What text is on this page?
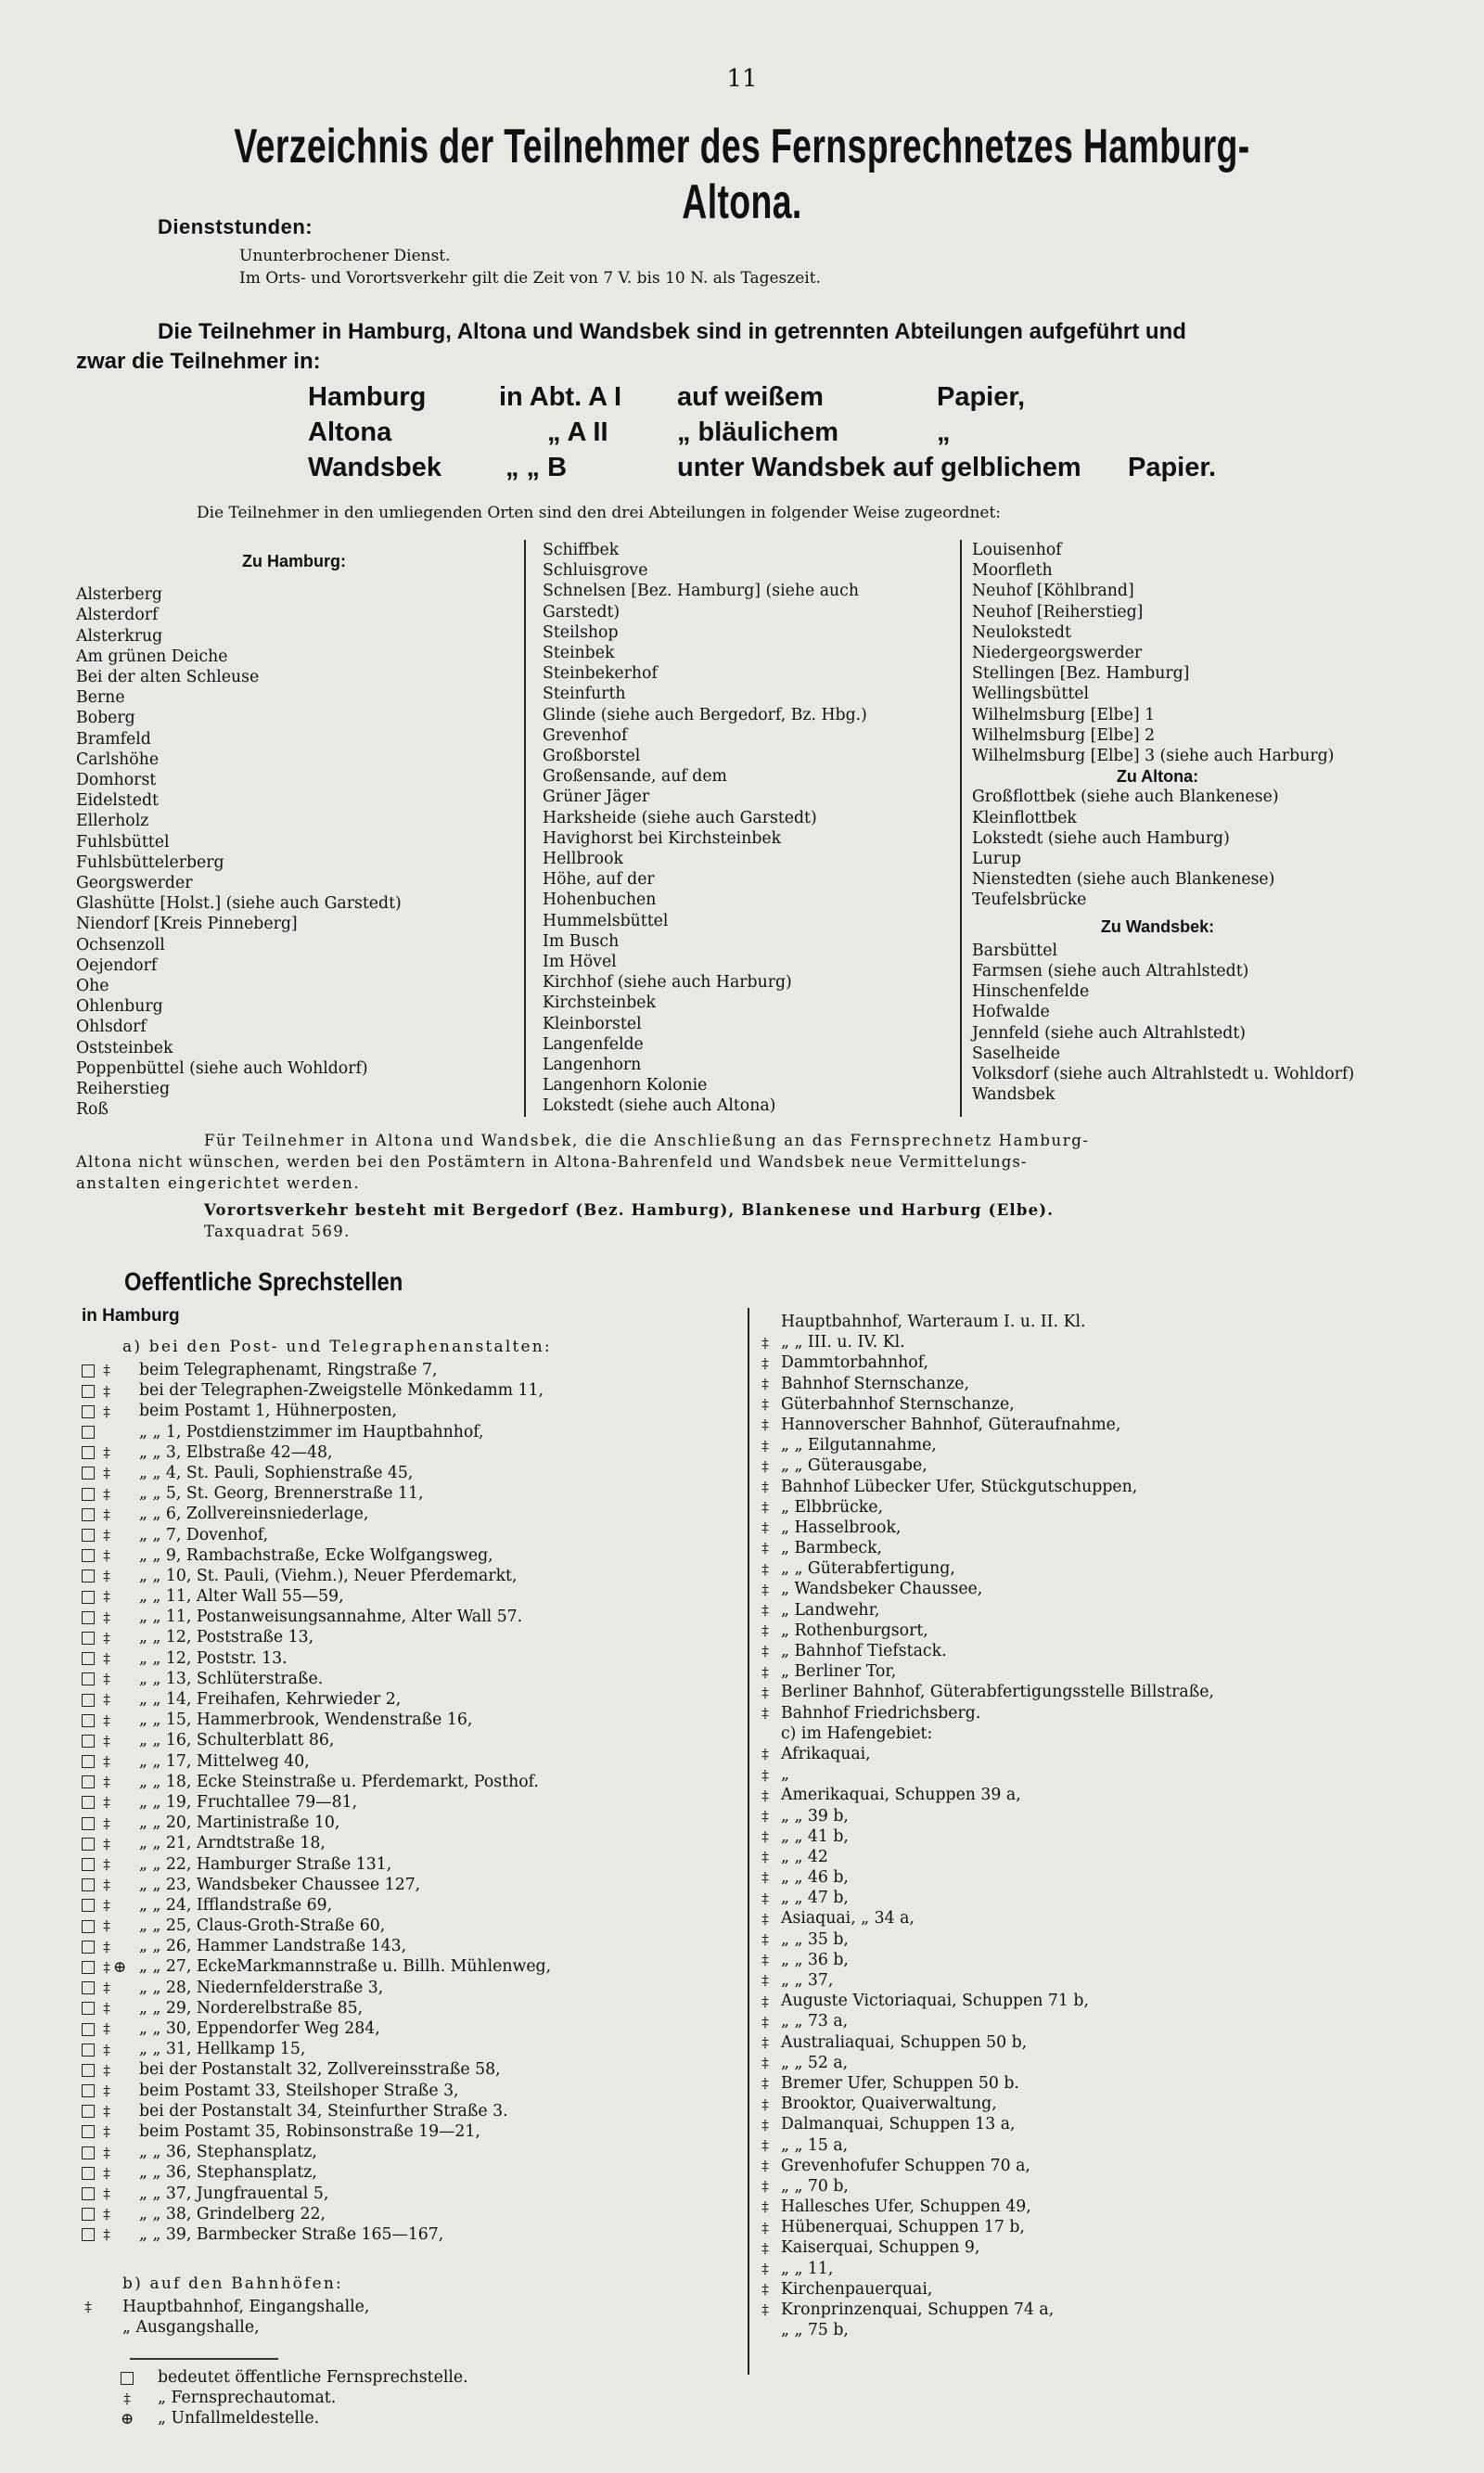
11
Verzeichnis der Teilnehmer des Fernsprechnetzes Hamburg-Altona.
Dienststunden:
Ununterbrochener Dienst.
Im Orts- und Vorortsverkehr gilt die Zeit von 7 V. bis 10 N. als Tageszeit.
Die Teilnehmer in Hamburg, Altona und Wandsbek sind in getrennten Abteilungen aufgeführt und
zwar die Teilnehmer in:
Hamburg	in Abt. A I auf weißem	Papier,
Altona	„ A II	„ bläulichem	„
Wandsbek „ „ B	unter Wandsbek auf gelblichem Papier.
Die Teilnehmer in den umliegenden Orten sind den drei Abteilungen in folgender Weise zugeordnet:
Zu Hamburg:
Alsterberg
Alsterdorf
Alsterkrug
Am grünen Deiche
Bei der alten Schleuse
Berne
Boberg
Bramfeld
Carlshöhe
Domhorst
Eidelstedt
Ellerholz
Fuhlsbüttel
Fuhlsbüttelerberg
Georgswerder
Glashütte [Holst.] (siehe auch Garstedt)
Niendorf [Kreis Pinneberg]
Ochsenzoll
Oejendorf
Ohe
Ohlenburg
Ohlsdorf
Oststeinbek
Poppenbüttel (siehe auch Wohldorf)
Reiherstieg
Roß
Schiffbek
Schluisgrove
Schnelsen [Bez. Hamburg] (siehe auch
Garstedt)
Steilshop
Steinbek
Steinbekerhof
Steinfurth
Glinde (siehe auch Bergedorf, Bz. Hbg.)
Grevenhof
Großborstel
Großensande, auf dem
Grüner Jäger
Harksheide (siehe auch Garstedt)
Havighorst bei Kirchsteinbek
Hellbrook
Höhe, auf der
Hohenbuchen
Hummelsbüttel
Im Busch
Im Hövel
Kirchhof (siehe auch Harburg)
Kirchsteinbek
Kleinborstel
Langenfelde
Langenhorn
Langenhorn Kolonie
Lokstedt (siehe auch Altona)
Louisenhof
Moorfleth
Neuhof [Köhlbrand]
Neuhof [Reiherstieg]
Neulokstedt
Niedergeorgswerder
Stellingen [Bez. Hamburg]
Wellingsbüttel
Wilhelmsburg [Elbe] 1
Wilhelmsburg [Elbe] 2
Wilhelmsburg [Elbe] 3 (siehe auch Harburg)
Zu Altona:
Großflottbek (siehe auch Blankenese)
Kleinflottbek
Lokstedt (siehe auch Hamburg)
Lurup
Nienstedten (siehe auch Blankenese)
Teufelsbrücke
Zu Wandsbek:
Barsbüttel
Farmsen (siehe auch Altrahlstedt)
Hinschenfelde
Hofwalde
Jennfeld (siehe auch Altrahlstedt)
Saselheide
Volksdorf (siehe auch Altrahlstedt u. Wohldorf)
Wandsbek
Für Teilnehmer in Altona und Wandsbek, die die Anschließung an das Fernsprechnetz Hamburg-
Altona nicht wünschen, werden bei den Postämtern in Altona-Bahrenfeld und Wandsbek neue Vermittelungs-
anstalten eingerichtet werden.
Vorortsverkehr besteht mit Bergedorf (Bez. Hamburg), Blankenese und Harburg (Elbe).
Taxquadrat 569.
Oeffentliche Sprechstellen
in Hamburg
a) bei den Post- und Telegraphenanstalten:
‡	beim Telegraphenamt, Ringstraße 7,
‡	bei der Telegraphen-Zweigstelle Mönkedamm 11,
‡	beim Postamt 1, Hühnerposten,
„ „ 1, Postdienstzimmer im Hauptbahnhof,
‡	„ „ 3, Elbstraße 42—48,
‡	„ „ 4, St. Pauli, Sophienstraße 45,
‡	„ „ 5, St. Georg, Brennerstraße 11,
‡	„ „ 6, Zollvereinsniederlage,
‡	„ „ 7, Dovenhof,
‡	„ „ 9, Rambachstraße, Ecke Wolfgangsweg,
‡	„ „ 10, St. Pauli, (Viehm.), Neuer Pferdemarkt,
‡	„ „ 11, Alter Wall 55—59,
‡	„ „ 11, Postanweisungsannahme, Alter Wall 57.
‡	„ „ 12, Poststraße 13,
‡	„ „ 12, Poststr. 13.
‡	„ „ 13, Schlüterstraße.
‡	„ „ 14, Freihafen, Kehrwieder 2,
‡	„ „ 15, Hammerbrook, Wendenstraße 16,
‡	„ „ 16, Schulterblatt 86,
‡	„ „ 17, Mittelweg 40,
‡	„ „ 18, Ecke Steinstraße u. Pferdemarkt, Posthof.
‡	„ „ 19, Fruchtallee 79—81,
‡	„ „ 20, Martinistraße 10,
‡	„ „ 21, Arndtstraße 18,
‡	„ „ 22, Hamburger Straße 131,
‡	„ „ 23, Wandsbeker Chaussee 127,
‡	„ „ 24, Ifflandstraße 69,
‡	„ „ 25, Claus-Groth-Straße 60,
‡	„ „ 26, Hammer Landstraße 143,
‡ ⊕ „ „ 27, EckeMarkmannstraße u. Billh. Mühlenweg,
‡	„ „ 28, Niedernfelderstraße 3,
‡	„ „ 29, Norderelbstraße 85,
‡	„ „ 30, Eppendorfer Weg 284,
‡	„ „ 31, Hellkamp 15,
‡	bei der Postanstalt 32, Zollvereinsstraße 58,
‡	beim Postamt 33, Steilshoper Straße 3,
‡	bei der Postanstalt 34, Steinfurther Straße 3.
‡	beim Postamt 35, Robinsonstraße 19—21,
‡	„ „ 36, Stephansplatz,
‡	„ „ 36, Stephansplatz,
‡	„ „ 37, Jungfrauental 5,
‡	„ „ 38, Grindelberg 22,
‡	„ „ 39, Barmbecker Straße 165—167,
b) auf den Bahnhöfen:
‡	Hauptbahnhof, Eingangshalle,
„ Ausgangshalle,
bedeutet öffentliche Fernsprechstelle.
‡	„ Fernsprechautomat.
⊕	„ Unfallmeldestelle.
Hauptbahnhof, Warteraum I. u. II. Kl.
‡ „ „ III. u. IV. Kl.
‡ Dammtorbahnhof,
‡ Bahnhof Sternschanze,
‡ Güterbahnhof Sternschanze,
‡ Hannoverscher Bahnhof, Güteraufnahme,
‡ „ „ Eilgutannahme,
‡ „ „ Güterausgabe,
‡ Bahnhof Lübecker Ufer, Stückgutschuppen,
‡ „ Elbbrücke,
‡ „ Hasselbrook,
‡ „ Barmbeck,
‡ „ „ Güterabfertigung,
‡ „ Wandsbeker Chaussee,
‡ „ Landwehr,
‡ „ Rothenburgsort,
‡ „ Bahnhof Tiefstack.
‡ „ Berliner Tor,
‡ Berliner Bahnhof, Güterabfertigungsstelle Billstraße,
‡ Bahnhof Friedrichsberg.
c) im Hafengebiet:
‡ Afrikaquai,
‡ „
‡ Amerikaquai, Schuppen 39 a,
‡ „ „ 39 b,
‡ „ „ 41 b,
‡ „ „ 42
‡ „ „ 46 b,
‡ „ „ 47 b,
‡ Asiaquai, „ 34 a,
‡ „ „ 35 b,
‡ „ „ 36 b,
‡ „ „ 37,
‡ Auguste Victoriaquai, Schuppen 71 b,
‡ „ „ 73 a,
‡ Australiaquai, Schuppen 50 b,
‡ „ „ 52 a,
‡ Bremer Ufer, Schuppen 50 b.
‡ Brooktor, Quaiverwaltung,
‡ Dalmanquai, Schuppen 13 a,
‡ „ „ 15 a,
‡ Grevenhofufer Schuppen 70 a,
‡ „ „ 70 b,
‡ Hallesches Ufer, Schuppen 49,
‡ Hübenerquai, Schuppen 17 b,
‡ Kaiserquai, Schuppen 9,
‡ „ „ 11,
‡ Kirchenpauerquai,
‡ Kronprinzenquai, Schuppen 74 a,
„ „ 75 b,
